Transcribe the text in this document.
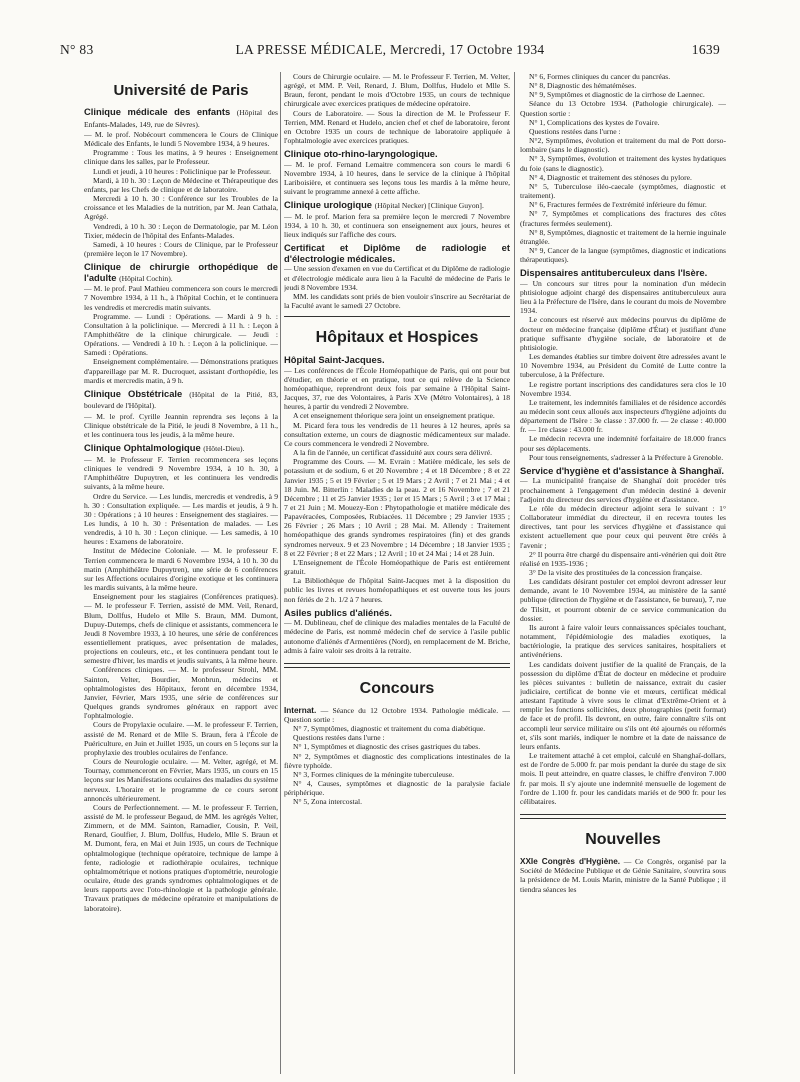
N° 83	LA PRESSE MÉDICALE, Mercredi, 17 Octobre 1934	1639
Université de Paris
Clinique médicale des enfants (Hôpital des Enfants-Malades, 149, rue de Sèvres).

— M. le prof. Nobécourt commencera le Cours de Clinique Médicale des Enfants, le lundi 5 Novembre 1934, à 9 heures.

Programme : Tous les matins, à 9 heures : Enseignement clinique dans les salles, par le Professeur.

Lundi et jeudi, à 10 heures : Policlinique par le Professeur.

Mardi, à 10 h. 30 : Leçon de Médecine et Thérapeutique des enfants, par les Chefs de clinique et de laboratoire.

Mercredi à 10 h. 30 : Conférence sur les Troubles de la croissance et les Maladies de la nutrition, par M. Jean Cathala, Agrégé.

Vendredi, à 10 h. 30 : Leçon de Dermatologie, par M. Léon Tixier, médecin de l'hôpital des Enfants-Malades.

Samedi, à 10 heures : Cours de Clinique, par le Professeur (première leçon le 17 Novembre).

Clinique de chirurgie orthopédique de l'adulte (Hôpital Cochin).

— M. le prof. Paul Mathieu commencera son cours le mercredi 7 Novembre 1934, à 11 h., à l'hôpital Cochin, et le continuera les vendredis et mercredis matin suivants.

Programme. — Lundi : Opérations. — Mardi à 9 h. : Consultation à la policlinique. — Mercredi à 11 h. : Leçon à l'Amphithéâtre de la clinique chirurgicale. — Jeudi : Opérations. — Vendredi à 10 h. : Leçon à la policlinique. — Samedi : Opérations.

Enseignement complémentaire. — Démonstrations pratiques d'appareillage par M. R. Ducroquet, assistant d'orthopédie, les mardis et mercredis matin, à 9 h.

Clinique Obstétricale (Hôpital de la Pitié, 83, boulevard de l'Hôpital).

— M. le prof. Cyrille Jeannin reprendra ses leçons à la Clinique obstétricale de la Pitié, le jeudi 8 Novembre, à 11 h., et les continuera tous les jeudis, à la même heure.

Clinique Ophtalmologique (Hôtel-Dieu).

— M. le Professeur F. Terrien recommencera ses leçons cliniques le vendredi 9 Novembre 1934, à 10 h. 30, à l'Amphithéâtre Dupuytren, et les continuera les vendredis suivants, à la même heure.

Ordre du Service. — Les lundis, mercredis et vendredis, à 9 h. 30 : Consultation expliquée. — Les mardis et jeudis, à 9 h. 30 : Opérations ; à 10 heures : Enseignement des stagiaires. — Les lundis, à 10 h. 30 : Présentation de malades. — Les vendredis, à 10 h. 30 : Leçon clinique. — Les samedis, à 10 heures : Examens de laboratoire.

Institut de Médecine Coloniale. — M. le professeur F. Terrien commencera le mardi 6 Novembre 1934, à 10 h. 30 du matin (Amphithéâtre Dupuytren), une série de 6 conférences sur les Affections oculaires d'origine exotique et les continuera les mardis suivants, à la même heure.

Enseignement pour les stagiaires (Conférences pratiques). — M. le professeur F. Terrien, assisté de MM. Veil, Renard, Blum, Dollfus, Hudelo et Mlle S. Braun, MM. Dumont, Dupuy-Dutemps, chefs de clinique et assistants, commencera le Jeudi 8 Novembre 1933, à 10 heures, une série de conférences essentiellement pratiques, avec présentation de malades, projections en couleurs, etc., et les continuera pendant tout le semestre d'hiver, les mardis et jeudis suivants, à la même heure.

Conférences cliniques. — M. le professeur Strohl, MM. Sainton, Velter, Bourdier, Monbrun, médecins et ophtalmologistes des Hôpitaux, feront en décembre 1934, Janvier, Février, Mars 1935, une série de conférences sur Quelques grands syndromes généraux en rapport avec l'ophtalmologie.

Cours de Propylaxie oculaire. —M. le professeur F. Terrien, assisté de M. Renard et de Mlle S. Braun, fera à l'École de Puériculture, en Juin et Juillet 1935, un cours en 5 leçons sur la prophylaxie des troubles oculaires de l'enfance.

Cours de Neurologie oculaire. — M. Velter, agrégé, et M. Tournay, commenceront en Février, Mars 1935, un cours en 15 leçons sur les Manifestations oculaires des maladies du système nerveux. L'horaire et le programme de ce cours seront annoncés ultérieurement.

Cours de Perfectionnement. — M. le professeur F. Terrien, assisté de M. le professeur Begaud, de MM. les agrégés Velter, Zimmern, et de MM. Sainton, Ramadier, Cousin, P. Veil, Renard, Goulfier, J. Blum, Dollfus, Hudelo, Mlle S. Braun et M. Dumont, fera, en Mai et Juin 1935, un cours de Technique ophtalmologique (technique opératoire, technique de lampe à fente, radiologie et radiothérapie oculaires, technique ophtalmométrique et notions pratiques d'optométrie, neurologie oculaire, étude des grands syndromes ophtalmologiques et de leurs rapports avec l'oto-rhinologie et la pathologie générale. Travaux pratiques de médecine opératoire et manipulations de laboratoire).

Cours de Chirurgie oculaire. — M. le Professeur F. Terrien, M. Velter, agrégé, et MM. P. Veil, Renard, J. Blum, Dollfus, Hudelo et Mlle S. Braun, feront, pendant le mois d'Octobre 1935, un cours de technique chirurgicale avec exercices pratiques de médecine opératoire.

Cours de Laboratoire. — Sous la direction de M. le Professeur F. Terrien, MM. Renard et Hudelo, ancien chef et chef de laboratoire, feront en Octobre 1935 un cours de technique de laboratoire appliquée à l'ophtalmologie avec exercices pratiques.

Clinique oto-rhino-laryngologique.

— M. le prof. Fernand Lemaitre commencera son cours le mardi 6 Novembre 1934, à 10 heures, dans le service de la clinique à l'hôpital Lariboisière, et continuera ses leçons tous les mardis à la même heure, suivant le programme annexé à cette affiche.

Clinique urologique (Hôpital Necker) [Clinique Guyon].

— M. le prof. Marion fera sa première leçon le mercredi 7 Novembre 1934, à 10 h. 30, et continuera son enseignement aux jours, heures et lieux indiqués sur l'affiche des cours.

Certificat et Diplôme de radiologie et d'électrologie médicales.

— Une session d'examen en vue du Certificat et du Diplôme de radiologie et d'électrologie médicale aura lieu à la Faculté de médecine de Paris le jeudi 8 Novembre 1934.

MM. les candidats sont priés de bien vouloir s'inscrire au Secrétariat de la Faculté avant le samedi 27 Octobre.

Hôpitaux et Hospices
Hôpital Saint-Jacques.

— Les conférences de l'École Homéopathique de Paris, qui ont pour but d'étudier, en théorie et en pratique, tout ce qui relève de la Science homéopathique, reprendront deux fois par semaine à l'Hôpital Saint-Jacques, 37, rue des Volontaires, à Paris XVe (Métro Volontaires), à 18 heures, à partir du vendredi 2 Novembre.

A cet enseignement théorique sera joint un enseignement pratique.

M. Picard fera tous les vendredis de 11 heures à 12 heures, après sa consultation externe, un cours de diagnostic médicamenteux sur malade. Ce cours commencera le vendredi 2 Novembre.

A la fin de l'année, un certificat d'assiduité aux cours sera délivré.

Programme des Cours. — M. Evrain : Matière médicale, les sels de potassium et de sodium, 6 et 20 Novembre ; 4 et 18 Décembre ; 8 et 22 Janvier 1935 ; 5 et 19 Février ; 5 et 19 Mars ; 2 Avril ; 7 et 21 Mai ; 4 et 18 Juin. M. Bitterlin : Maladies de la peau. 2 et 16 Novembre ; 7 et 21 Décembre ; 11 et 25 Janvier 1935 ; 1er et 15 Mars ; 5 Avril ; 3 et 17 Mai ; 7 et 21 Juin ; M. Mouezy-Eon : Phytopathologie et matière médicale des Papavéracées, Composées, Rubiacées. 11 Décembre ; 29 Janvier 1935 ; 26 Février ; 26 Mars ; 10 Avril ; 28 Mai. M. Allendy : Traitement homéopathique des grands syndromes respiratoires (fin) et des grands syndromes nerveux. 9 et 23 Novembre ; 14 Décembre ; 18 Janvier 1935 ; 8 et 22 Février ; 8 et 22 Mars ; 12 Avril ; 10 et 24 Mai ; 14 et 28 Juin.

L'Enseignement de l'École Homéopathique de Paris est entièrement gratuit.

La Bibliothèque de l'hôpital Saint-Jacques met à la disposition du public les livres et revues homéopathiques et est ouverte tous les jours non fériés de 2 h. 1/2 à 7 heures.

Asiles publics d'aliénés.

— M. Dublineau, chef de clinique des maladies mentales de la Faculté de médecine de Paris, est nommé médecin chef de service à l'asile public autonome d'aliénés d'Armentières (Nord), en remplacement de M. Briche, admis à faire valoir ses droits à la retraite.

Concours

Internat. — Séance du 12 Octobre 1934. Pathologie médicale. — Question sortie :

N° 7, Symptômes, diagnostic et traitement du coma diabétique.

Questions restées dans l'urne :

N° 1, Symptômes et diagnostic des crises gastriques du tabes.

N° 2, Symptômes et diagnostic des complications intestinales de la fièvre typhoïde.

N° 3, Formes cliniques de la méningite tuberculeuse.

N° 4, Causes, symptômes et diagnostic de la paralysie faciale périphérique.

N° 5, Zona intercostal.

N° 6, Formes cliniques du cancer du pancréas.

N° 8, Diagnostic des hématémèses.

N° 9, Symptômes et diagnostic de la cirrhose de Laennec.

Séance du 13 Octobre 1934. (Pathologie chirurgicale). — Question sortie :

N° 1, Complications des kystes de l'ovaire.

Questions restées dans l'urne :

N°2, Symptômes, évolution et traitement du mal de Pott dorso-lombaire (sans le diagnostic).

N° 3, Symptômes, évolution et traitement des kystes hydatiques du foie (sans le diagnostic).

N° 4, Diagnostic et traitement des sténoses du pylore.

N° 5, Tuberculose iléo-caecale (symptômes, diagnostic et traitement).

N° 6, Fractures fermées de l'extrémité inférieure du fémur.

N° 7, Symptômes et complications des fractures des côtes (fractures fermées seulement).

N° 8, Symptômes, diagnostic et traitement de la hernie inguinale étranglée.

N° 9, Cancer de la langue (symptômes, diagnostic et indications thérapeutiques).

Dispensaires antituberculeux dans l'Isère.

— Un concours sur titres pour la nomination d'un médecin phtisiologue adjoint chargé des dispensaires antituberculeux aura lieu à la Préfecture de l'Isère, dans le courant du mois de Novembre 1934.

Le concours est réservé aux médecins pourvus du diplôme de docteur en médecine française (diplôme d'État) et justifiant d'une pratique suffisante d'hygiène sociale, de laboratoire et de phtisiologie.

Les demandes établies sur timbre doivent être adressées avant le 10 Novembre 1934, au Président du Comité de Lutte contre la tuberculose, à la Préfecture.

Le registre portant inscriptions des candidatures sera clos le 10 Novembre 1934.

Le traitement, les indemnités familiales et de résidence accordés au médecin sont ceux alloués aux inspecteurs d'hygiène adjoints du département de l'Isère : 3e classe : 37.000 fr. — 2e classe : 40.000 fr. — 1re classe : 43.000 fr.

Le médecin recevra une indemnité forfaitaire de 18.000 francs pour ses déplacements.

Pour tous renseignements, s'adresser à la Préfecture à Grenoble.

Service d'hygiène et d'assistance à Shanghaï.

— La municipalité française de Shanghaï doit procéder très prochainement à l'engagement d'un médecin destiné à devenir l'adjoint du directeur des services d'hygiène et d'assistance.

Le rôle du médecin directeur adjoint sera le suivant : 1° Collaborateur immédiat du directeur, il en recevra toutes les directives, tant pour les services d'hygiène et d'assistance qui existent actuellement que pour ceux qui peuvent être créés à l'avenir ;

2° Il pourra être chargé du dispensaire anti-vénérien qui doit être réalisé en 1935-1936 ;

3° De la visite des prostituées de la concession française.

Les candidats désirant postuler cet emploi devront adresser leur demande, avant le 10 Novembre 1934, au ministère de la santé publique (direction de l'hygiène et de l'assistance, 6e bureau), 7, rue de Tilsitt, et pourront obtenir de ce service communication du dossier.

Ils auront à faire valoir leurs connaissances spéciales touchant, notamment, l'épidémiologie des maladies exotiques, la bactériologie, la pratique des services sanitaires, hospitaliers et antivénériens.

Les candidats doivent justifier de la qualité de Français, de la possession du diplôme d'État de docteur en médecine et produire les pièces suivantes : bulletin de naissance, extrait du casier judiciaire, certificat de bonne vie et mœurs, certificat médical attestant l'aptitude à vivre sous le climat d'Extrême-Orient et à remplir les fonctions sollicitées, deux photographies (petit format) de face et de profil. Ils devront, en outre, faire connaître s'ils ont accompli leur service militaire ou s'ils ont été ajournés ou réformés et, s'ils sont mariés, indiquer le nombre et la date de naissance de leurs enfants.

Le traitement attaché à cet emploi, calculé en Shanghaï-dollars, est de l'ordre de 5.000 fr. par mois pendant la durée du stage de six mois. Il peut atteindre, en quatre classes, le chiffre d'environ 7.000 fr. par mois. Il s'y ajoute une indemnité mensuelle de logement de l'ordre de 1.100 fr. pour les candidats mariés et de 900 fr. pour les célibataires.

Nouvelles

XXIe Congrès d'Hygiène. — Ce Congrès, organisé par la Société de Médecine Publique et de Génie Sanitaire, s'ouvrira sous la présidence de M. Louis Marin, ministre de la Santé Publique ; il tiendra séances les
